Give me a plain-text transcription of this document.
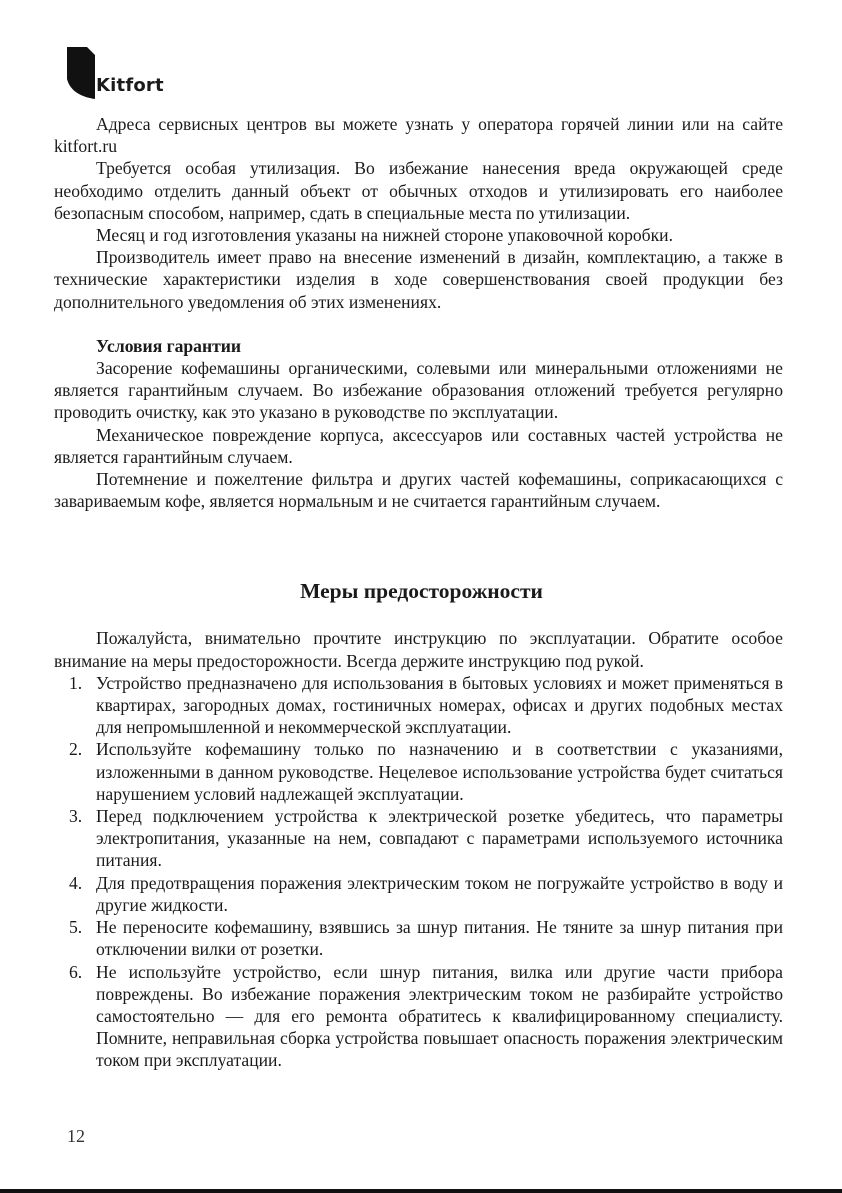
Kitfort

Адреса сервисных центров вы можете узнать у оператора горячей линии или на сайте kitfort.ru

Требуется особая утилизация. Во избежание нанесения вреда окружающей среде необходимо отделить данный объект от обычных отходов и утилизировать его наиболее безопасным способом, например, сдать в специальные места по утилизации.

Месяц и год изготовления указаны на нижней стороне упаковочной коробки.

Производитель имеет право на внесение изменений в дизайн, комплектацию, а также в технические характеристики изделия в ходе совершенствования своей продукции без дополнительного уведомления об этих изменениях.

Условия гарантии

Засорение кофемашины органическими, солевыми или минеральными отложениями не является гарантийным случаем. Во избежание образования отложений требуется регулярно проводить очистку, как это указано в руководстве по эксплуатации.

Механическое повреждение корпуса, аксессуаров или составных частей устройства не является гарантийным случаем.

Потемнение и пожелтение фильтра и других частей кофемашины, соприкасающихся с завариваемым кофе, является нормальным и не считается гарантийным случаем.

Меры предосторожности

Пожалуйста, внимательно прочтите инструкцию по эксплуатации. Обратите особое внимание на меры предосторожности. Всегда держите инструкцию под рукой.

1. Устройство предназначено для использования в бытовых условиях и может применяться в квартирах, загородных домах, гостиничных номерах, офисах и других подобных местах для непромышленной и некоммерческой эксплуатации.
2. Используйте кофемашину только по назначению и в соответствии с указаниями, изложенными в данном руководстве. Нецелевое использование устройства будет считаться нарушением условий надлежащей эксплуатации.
3. Перед подключением устройства к электрической розетке убедитесь, что параметры электропитания, указанные на нем, совпадают с параметрами используемого источника питания.
4. Для предотвращения поражения электрическим током не погружайте устройство в воду и другие жидкости.
5. Не переносите кофемашину, взявшись за шнур питания. Не тяните за шнур питания при отключении вилки от розетки.
6. Не используйте устройство, если шнур питания, вилка или другие части прибора повреждены. Во избежание поражения электрическим током не разбирайте устройство самостоятельно — для его ремонта обратитесь к квалифицированному специалисту. Помните, неправильная сборка устройства повышает опасность поражения электрическим током при эксплуатации.
12
